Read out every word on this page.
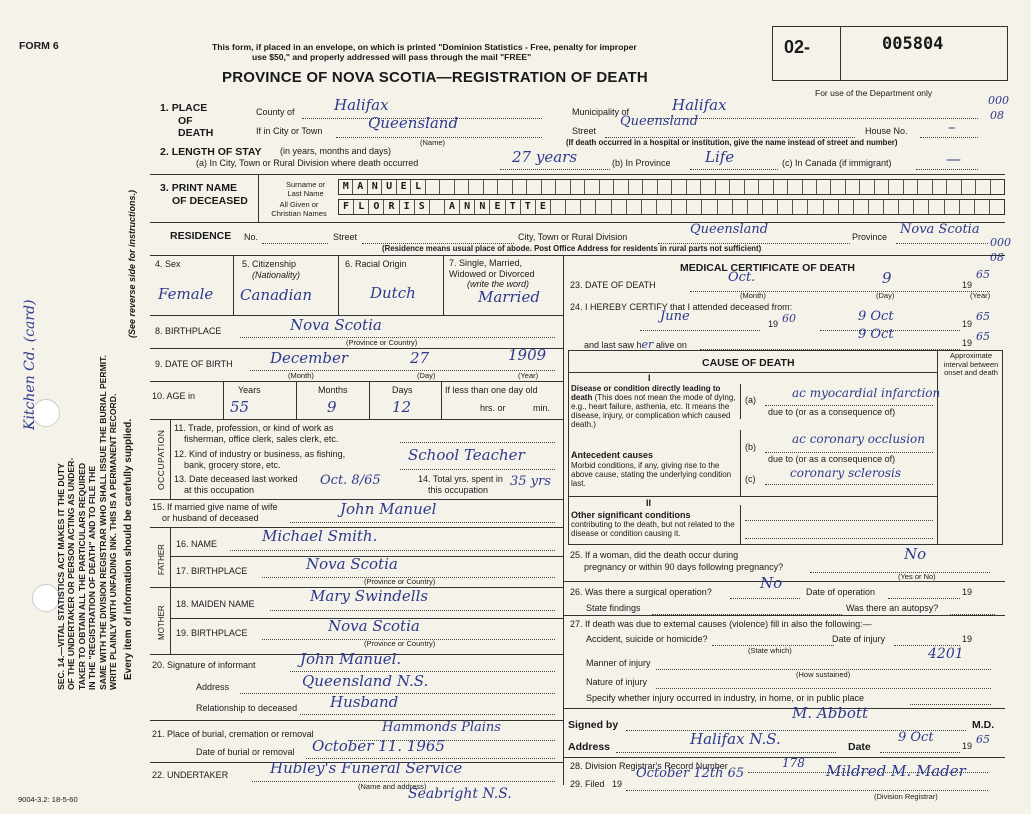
SEC. 14.—VITAL STATISTICS ACT MAKES IT THE DUTY OF THE UNDERTAKER OR PERSON ACTING AS UNDER- TAKER TO OBTAIN ALL THE PARTICULARS REQUIRED IN THE "REGISTRATION OF DEATH" AND TO FILE THE SAME WITH THE DIVISION REGISTRAR WHO SHALL ISSUE THE BURIAL PERMIT. WRITE PLAINLY WITH UNFADING INK. THIS IS A PERMANENT RECORD. Every item of information should be carefully supplied.
(See reverse side for instructions.)
Kitchen Cd. (card)
9004-3.2: 18-5-60
FORM 6	This form, if placed in an envelope, on which is printed "Dominion Statistics - Free, penalty for improper
use $50," and properly addressed will pass through the mail "FREE"
PROVINCE OF NOVA SCOTIA—REGISTRATION OF DEATH
02-	005804
For use of the Department only
000
08
000
08
1. PLACE
OF
DEATH
County of	Halifax	Municipality of	Halifax
If in City or Town	Queensland
(Name)
Street
Queensland
House No.	–
(If death occurred in a hospital or institution, give the name instead of street and number)
2. LENGTH OF STAY (in years, months and days)
(a) In City, Town or Rural Division where death occurred	27 years	(b) In Province Life	(c) In Canada (if immigrant)	—
3. PRINT NAME
OF DECEASED
Surname or
Last Name
All Given or
Christian Names
M A N U E L
F L O R I S	A N N E T T E
RESIDENCE No.	Street	City, Town or Rural Division	Queensland	Province Nova Scotia
(Residence means usual place of abode. Post Office Address for residents in rural parts not sufficient)
4. Sex
Female
5. Citizenship
(Nationality)
Canadian
6. Racial Origin
Dutch
7. Single, Married,
Widowed or Divorced
(write the word)
Married
8. BIRTHPLACE	Nova Scotia
(Province or Country)
9. DATE OF BIRTH December	27	1909
(Month)	(Day)	(Year)
10. AGE in
Years
55
Months
9
Days
12
If less than one day old
hrs. or	min.
OCCUPATION
11. Trade, profession, or kind of work as
fisherman, office clerk, sales clerk, etc.
12. Kind of industry or business, as fishing,
bank, grocery store, etc.
School Teacher
13. Date deceased last worked
at this occupation
Oct. 8/65	14. Total yrs. spent in
this occupation
35 yrs
15. If married give name of wife
or husband of deceased	John Manuel
FATHER
16. NAME	Michael Smith.
17. BIRTHPLACE	Nova Scotia
(Province or Country)
MOTHER
18. MAIDEN NAME	Mary Swindells
19. BIRTHPLACE	Nova Scotia
(Province or Country)
20. Signature of informant	John Manuel.
Address	Queensland N.S.
Relationship to deceased Husband
21. Place of burial, cremation or removal	Hammonds Plains
Date of burial or removal October 11. 1965
22. UNDERTAKER	Hubley's Funeral Service
(Name and address)
Seabright N.S.
MEDICAL CERTIFICATE OF DEATH
23. DATE OF DEATH	Oct.	9	19
65
(Month)	(Day)	(Year)
24. I HEREBY CERTIFY that I attended deceased from:
June	19 60	9 Oct	19
65
and last saw her alive on
9 Oct
19 65
CAUSE OF DEATH
Approximate interval between onset and death
I
Disease or condition directly leading to death (This does not mean the mode of dying, e.g., heart failure, asthenia, etc. It means the disease, injury, or complication which caused death.)
(a)	ac myocardial infarction
due to (or as a consequence of)
Antecedent causes
Morbid conditions, if any, giving rise to the above cause, stating the underlying condition last.
(b)
ac coronary occlusion
due to (or as a consequence of)
(c)	coronary sclerosis
II
Other significant conditions
contributing to the death, but not related to the disease or condition causing it.
25. If a woman, did the death occur during
pregnancy or within 90 days following pregnancy?
No
(Yes or No)
26. Was there a surgical operation?	No	Date of operation	19
State findings	Was there an autopsy?
27. If death was due to external causes (violence) fill in also the following:—
Accident, suicide or homicide?
(State which)
Date of injury	19
Manner of injury
4201
(How sustained)
Nature of injury
Specify whether injury occurred in industry, in home, or in public place
Signed by
M. Abbott
M.D.
Address	Halifax N.S.	Date
9 Oct
19 65
28. Division Registrar's Record Number	178
29. Filed 19
October 12th 65	Mildred M. Mader
(Division Registrar)
